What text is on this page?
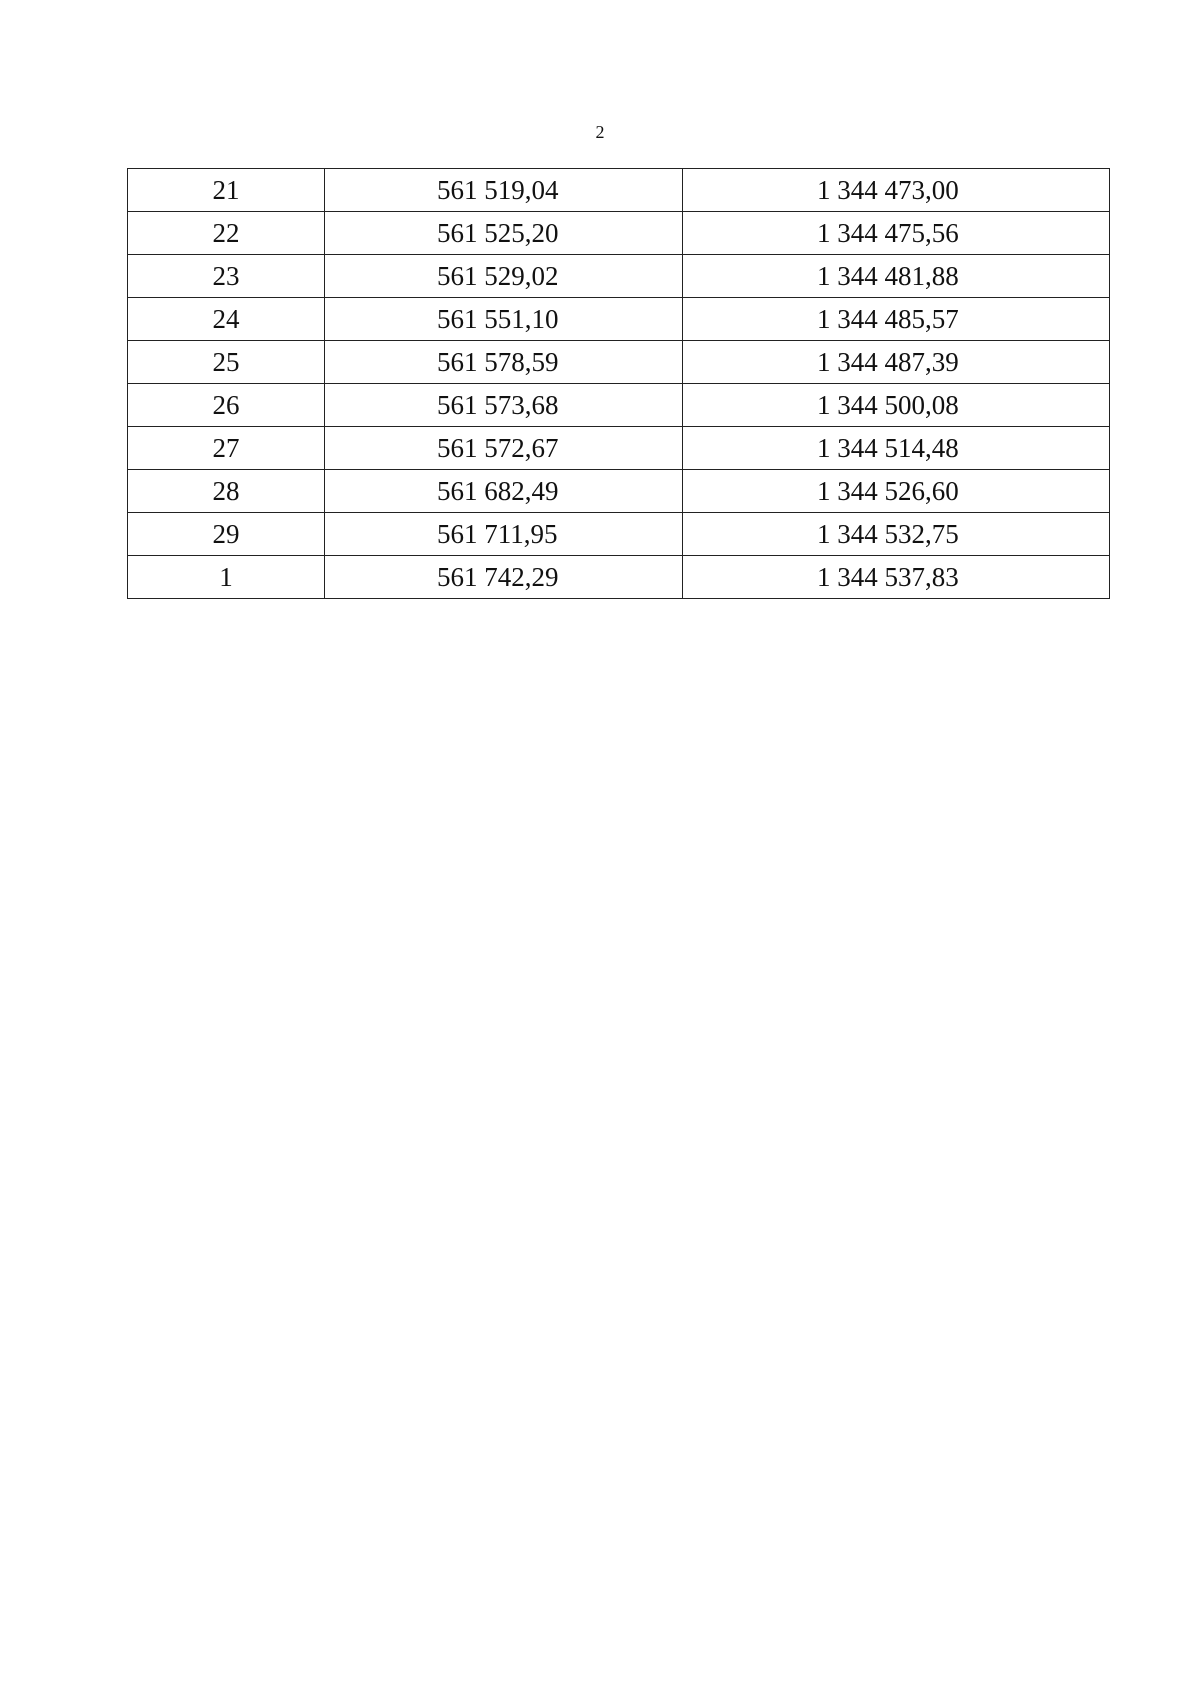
2
21	561 519,04	1 344 473,00
22	561 525,20	1 344 475,56
23	561 529,02	1 344 481,88
24	561 551,10	1 344 485,57
25	561 578,59	1 344 487,39
26	561 573,68	1 344 500,08
27	561 572,67	1 344 514,48
28	561 682,49	1 344 526,60
29	561 711,95	1 344 532,75
1	561 742,29	1 344 537,83
